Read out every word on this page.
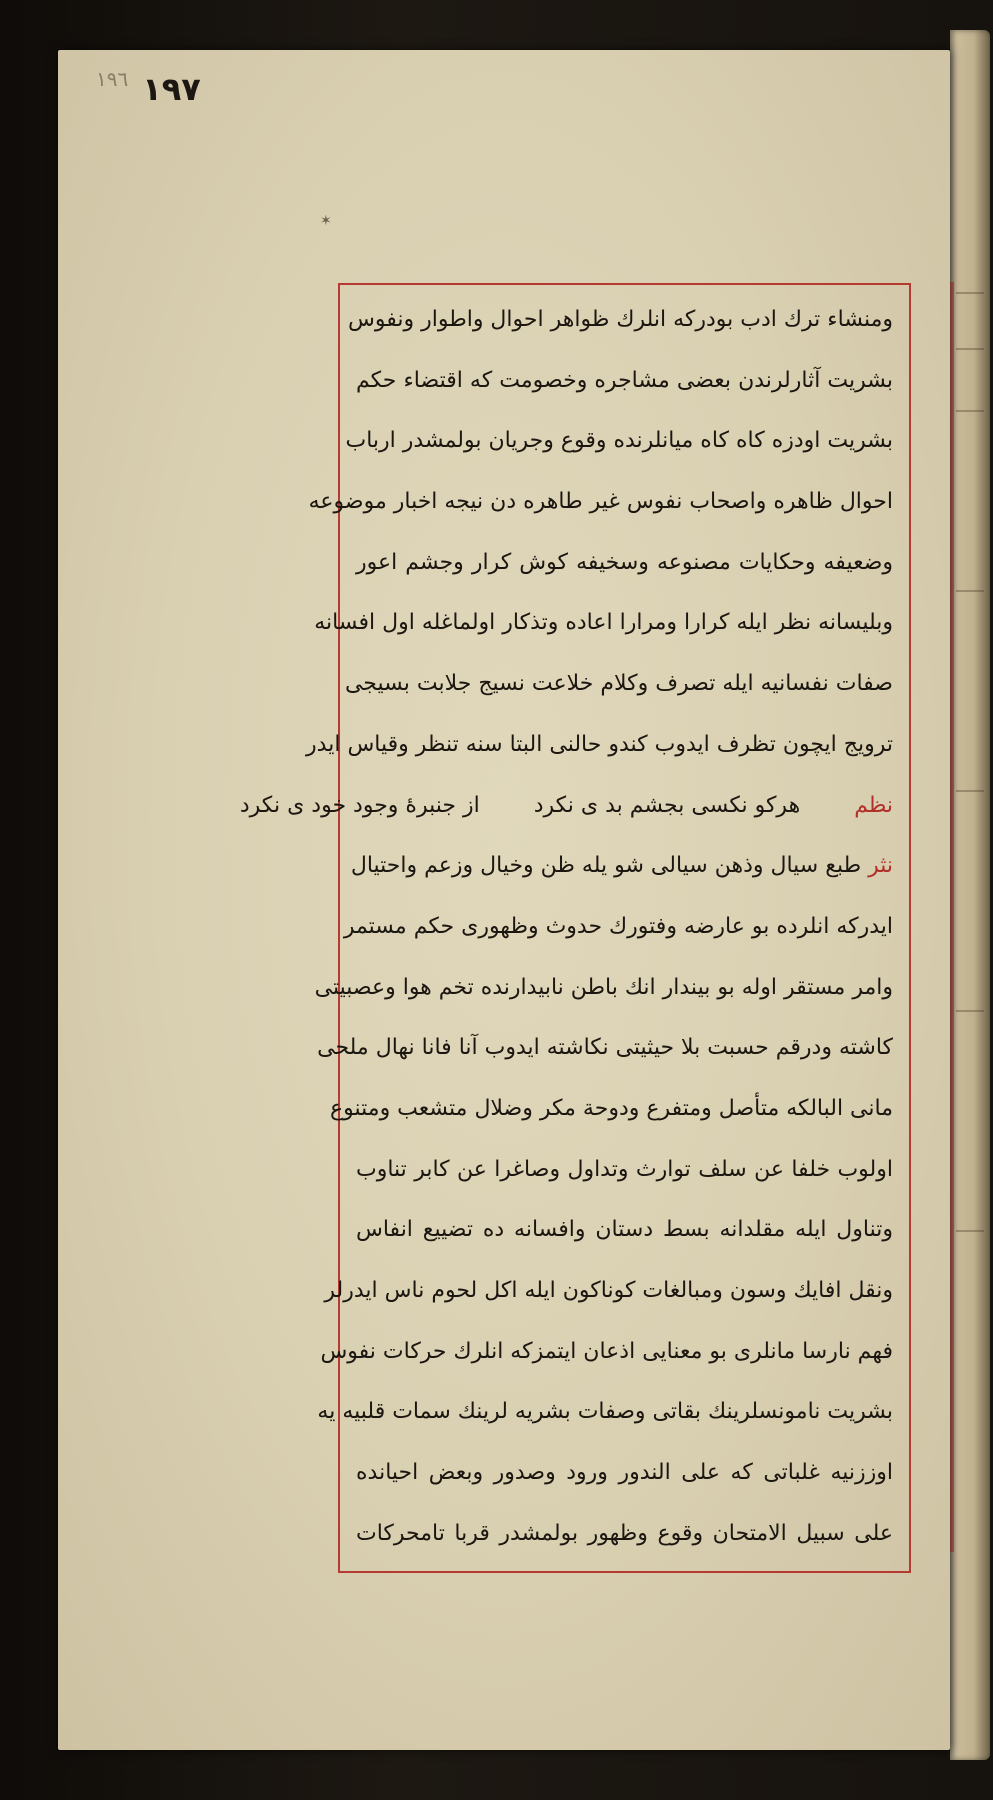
١٩٧
١٩٦
✶
ومنشاء ترك ادب بودركه انلرك ظواهر احوال واطوار ونفوس
بشريت آثارلرندن بعضى مشاجره وخصومت كه اقتضاء حكم
بشريت اودزه كاه كاه ميانلرنده وقوع وجريان بولمشدر ارباب
احوال ظاهره واصحاب نفوس غير طاهره دن نيجه اخبار موضوعه
وضعيفه وحكايات مصنوعه وسخيفه كوش كرار وجشم اعور
وبليسانه نظر ايله كرارا ومرارا اعاده وتذكار اولماغله اول افسانه
صفات نفسانيه ايله تصرف وكلام خلاعت نسيج جلابت بسيجى
ترويج ايچون تظرف ايدوب كندو حالنى البتا سنه تنظر وقياس ايدر
نظم  هركو نكسى بجشم بد ى نكرد  از جنبرهٔ وجود خود ى نكرد
نثر طبع سيال وذهن سيالى شو يله ظن وخيال وزعم واحتيال
ايدركه انلرده بو عارضه وفتورك حدوث وظهورى حكم مستمر
وامر مستقر اوله بو بيندار انك باطن نابيدارنده تخم هوا وعصبيتى
كاشته ودرقم حسبت بلا حيثيتى نكاشته ايدوب آنا فانا نهال ملحى
مانى البالكه متأصل ومتفرع ودوحة مكر وضلال متشعب ومتنوع
اولوب خلفا عن سلف توارث وتداول وصاغرا عن كابر تناوب
وتناول ايله مقلدانه بسط دستان وافسانه ده تضييع انفاس
ونقل افايك وسون ومبالغات كوناكون ايله اكل لحوم ناس ايدرلر
فهم نارسا مانلرى بو معنايى اذعان ايتمزكه انلرك حركات نفوس
بشريت نامونسلرينك بقاتى وصفات بشريه لرينك سمات قلبيه يه
اوززنيه غلباتى كه على الندور ورود وصدور وبعض احيانده
على سبيل الامتحان وقوع وظهور بولمشدر قربا تامحركات
